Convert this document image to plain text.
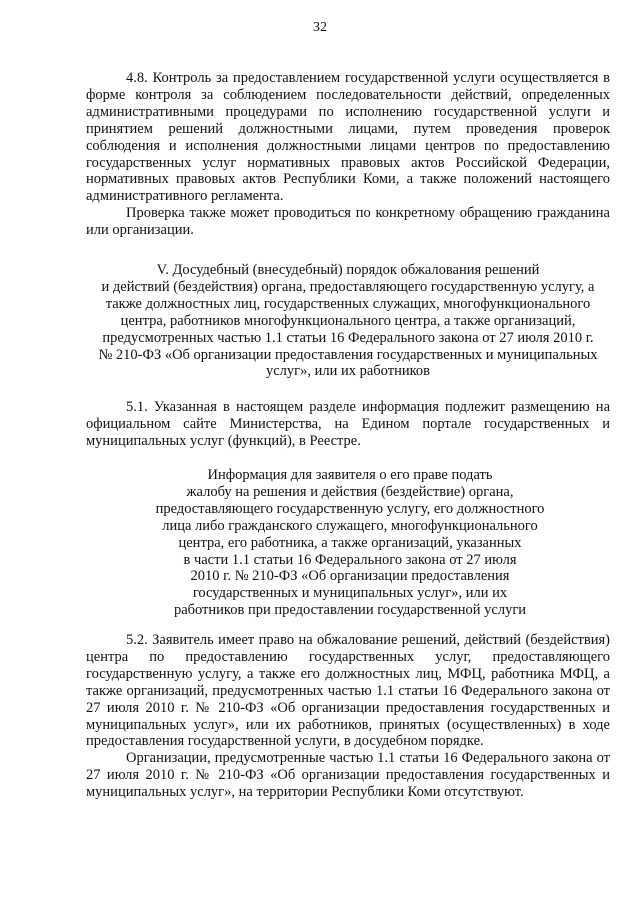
32
4.8. Контроль за предоставлением государственной услуги осуществляется в форме контроля за соблюдением последовательности действий, определенных административными процедурами по исполнению государственной услуги и принятием решений должностными лицами, путем проведения проверок соблюдения и исполнения должностными лицами центров по предоставлению государственных услуг нормативных правовых актов Российской Федерации, нормативных правовых актов Республики Коми, а также положений настоящего административного регламента.
Проверка также может проводиться по конкретному обращению гражданина или организации.
V. Досудебный (внесудебный) порядок обжалования решений
и действий (бездействия) органа, предоставляющего государственную услугу, а
также должностных лиц, государственных служащих, многофункционального
центра, работников многофункционального центра, а также организаций,
предусмотренных частью 1.1 статьи 16 Федерального закона от 27 июля 2010 г.
№ 210-ФЗ «Об организации предоставления государственных и муниципальных
услуг», или их работников
5.1. Указанная в настоящем разделе информация подлежит размещению на официальном сайте Министерства, на Едином портале государственных и муниципальных услуг (функций), в Реестре.
Информация для заявителя о его праве подать
жалобу на решения и действия (бездействие) органа,
предоставляющего государственную услугу, его должностного
лица либо гражданского служащего, многофункционального
центра, его работника, а также организаций, указанных
в части 1.1 статьи 16 Федерального закона от 27 июля
2010 г. № 210-ФЗ «Об организации предоставления
государственных и муниципальных услуг», или их
работников при предоставлении государственной услуги
5.2. Заявитель имеет право на обжалование решений, действий (бездействия) центра по предоставлению государственных услуг, предоставляющего государственную услугу, а также его должностных лиц, МФЦ, работника МФЦ, а также организаций, предусмотренных частью 1.1 статьи 16 Федерального закона от 27 июля 2010 г. № 210-ФЗ «Об организации предоставления государственных и муниципальных услуг», или их работников, принятых (осуществленных) в ходе предоставления государственной услуги, в досудебном порядке.
Организации, предусмотренные частью 1.1 статьи 16 Федерального закона от 27 июля 2010 г. № 210-ФЗ «Об организации предоставления государственных и муниципальных услуг», на территории Республики Коми отсутствуют.
